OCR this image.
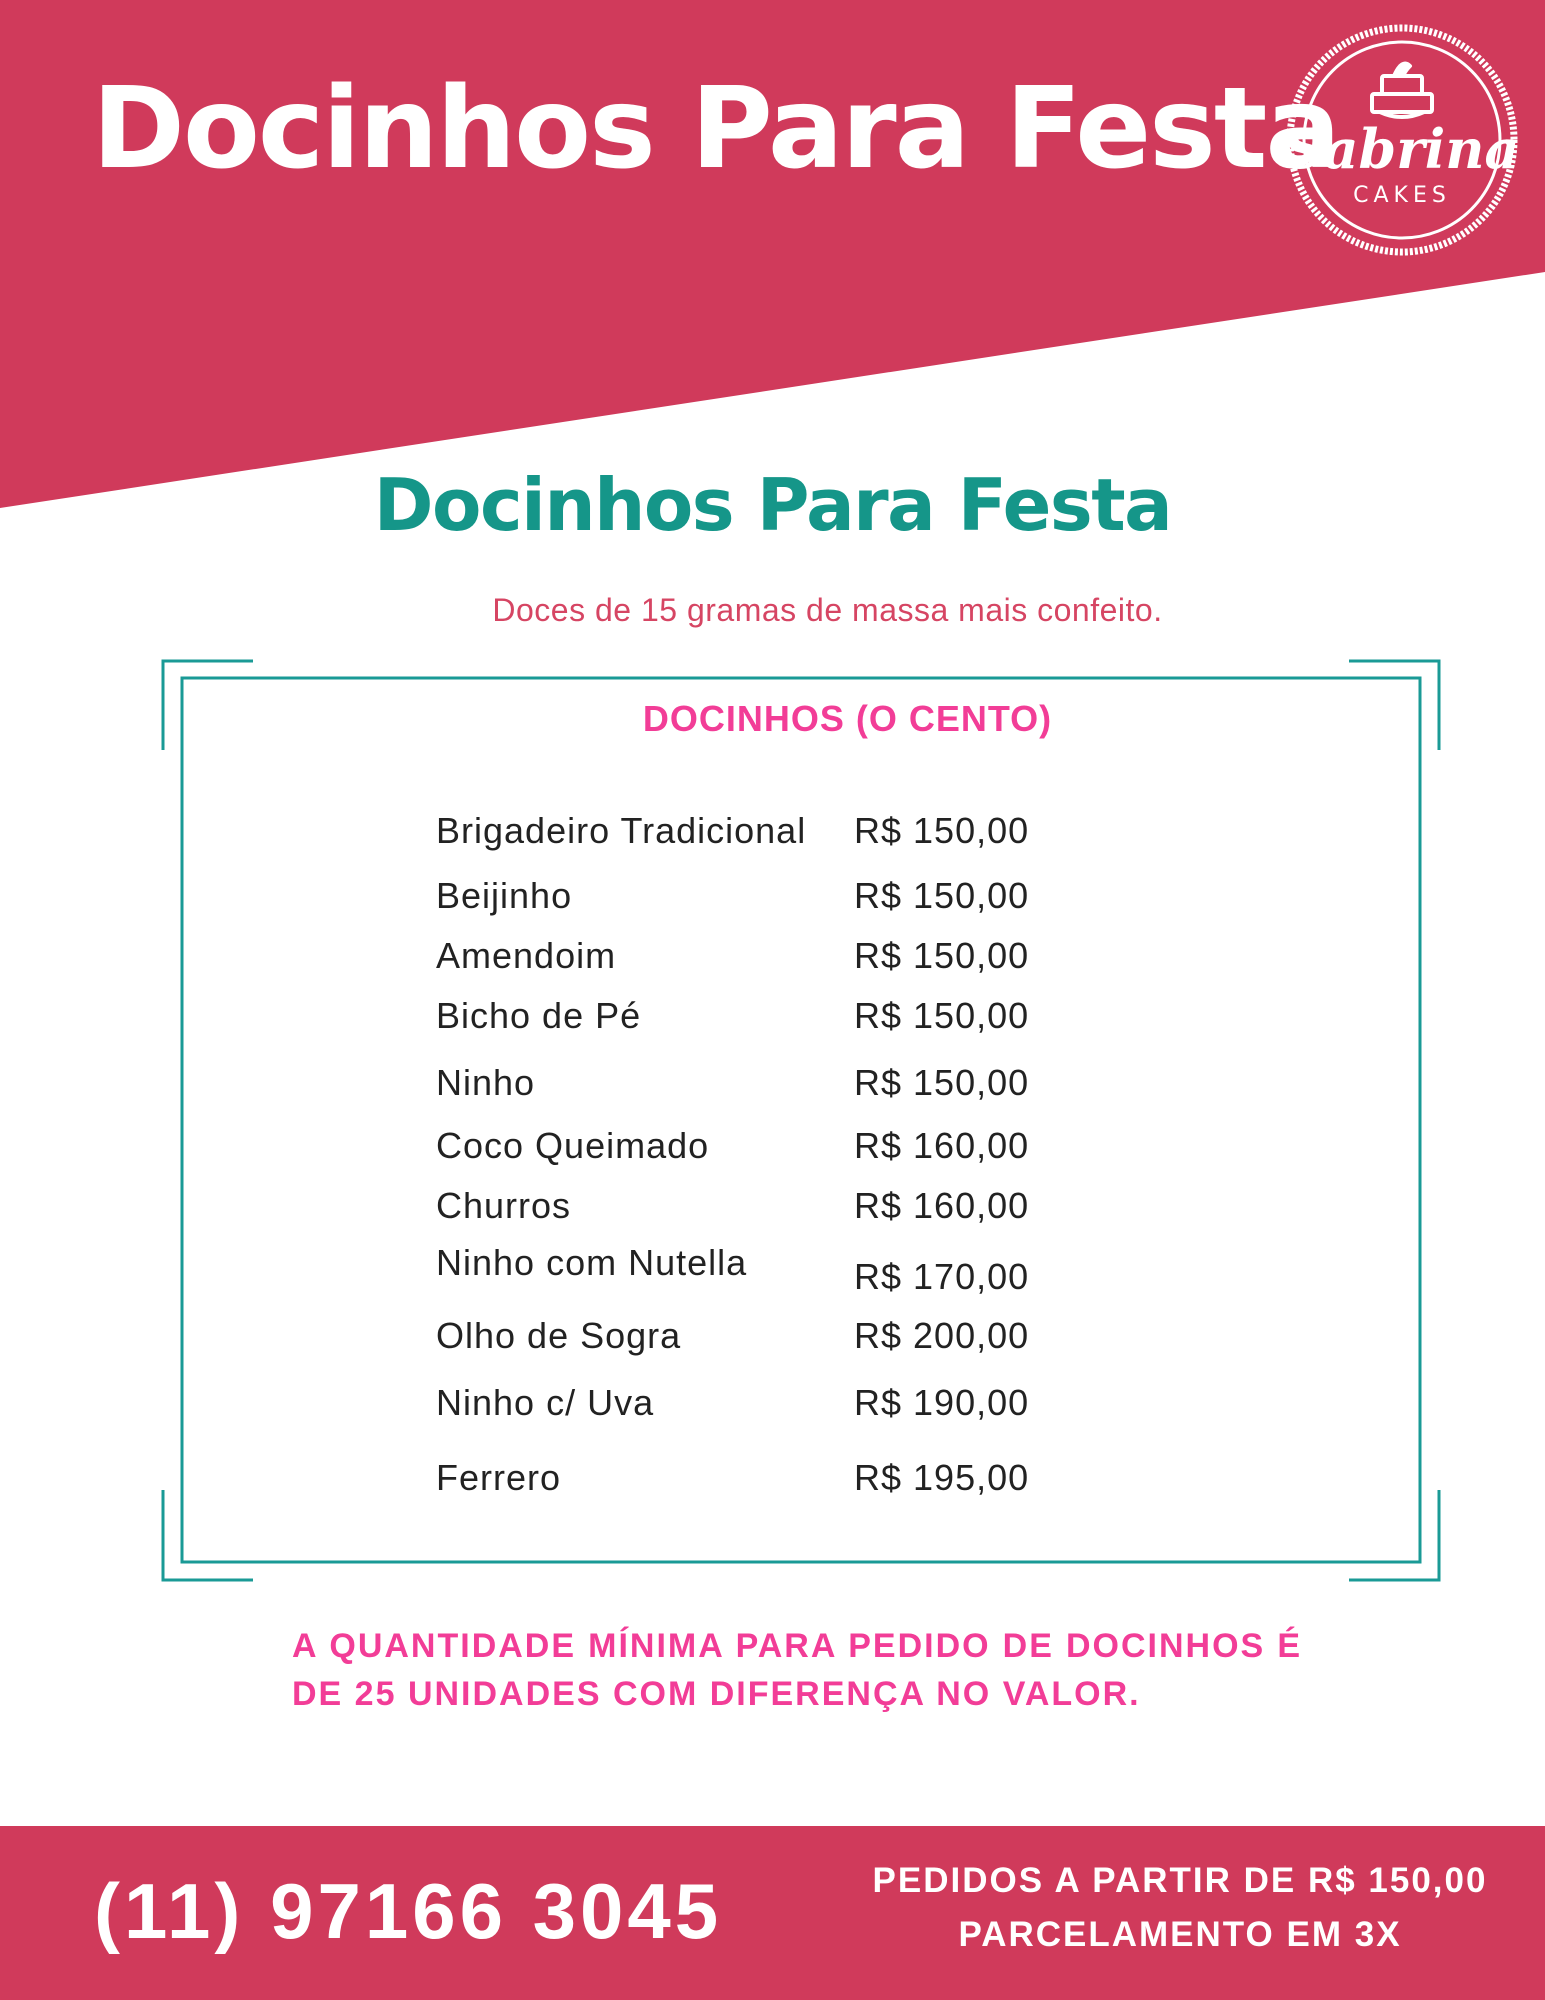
Docinhos Para Festa
Sabrina
CAKES
Docinhos Para Festa

Doces de 15 gramas de massa mais confeito.

DOCINHOS (O CENTO)
Brigadeiro Tradicional R$ 150,00
Beijinho	R$ 150,00
Amendoim	R$ 150,00
Bicho de Pé	R$ 150,00
Ninho	R$ 150,00
Coco Queimado	R$ 160,00
Churros	R$ 160,00
Ninho com Nutella	R$ 170,00
Olho de Sogra	R$ 200,00
Ninho c/ Uva	R$ 190,00
Ferrero	R$ 195,00

A QUANTIDADE MÍNIMA PARA PEDIDO DE DOCINHOS É DE 25 UNIDADES COM DIFERENÇA NO VALOR.

(11) 97166 3045	PEDIDOS A PARTIR DE R$ 150,00 PARCELAMENTO EM 3X
